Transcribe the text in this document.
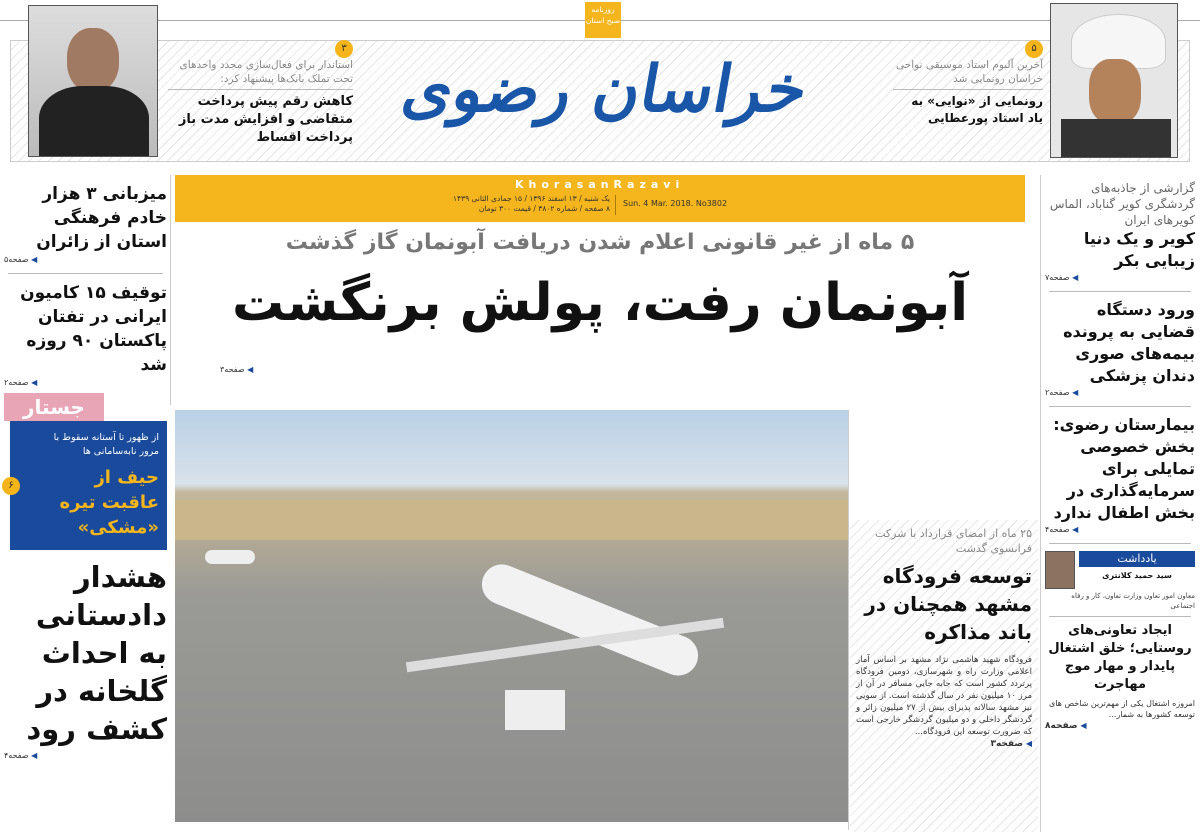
۳
استاندار برای فعال‌سازی مجدد واحدهای تحت تملک بانک‌ها پیشنهاد کرد:
کاهش رقم پیش پرداخت متقاضی و افزایش مدت باز پرداخت اقساط
خراسان رضوی
روزنامه صبح استان
۵
آخرین آلبوم استاد موسیقی نواحی خراسان رونمایی شد
رونمایی از «نوایی» به یاد استاد پورعطایی
KhorasanRazavi
Sun. 4 Mar. 2018. No3802
یک شنبه / ۱۳ اسفند ۱۳۹۶ / ۱۵ جمادی الثانی ۱۴۳۹
۸ صفحه / شماره ۳۸۰۲ / قیمت ۳۰۰ تومان
۵ ماه از غیر قانونی اعلام شدن دریافت آبونمان گاز گذشت
آبونمان رفت، پولش برنگشت
◀ صفحه۳
۲۵ ماه از امضای قرارداد با شرکت فرانسوی گذشت
توسعه فرودگاه مشهد همچنان در باند مذاکره
فرودگاه شهید هاشمی نژاد مشهد بر اساس آمار اعلامی وزارت راه و شهرسازی، دومین فرودگاه پرتردد کشور است که جابه جایی مسافر در آن از مرز ۱۰ میلیون نفر در سال گذشته است. از سویی نیز مشهد سالانه پذیرای بیش از ۲۷ میلیون زائر و گردشگر داخلی و دو میلیون گردشگر خارجی است که ضرورت توسعه این فرودگاه...
◀ صفحه۳
میزبانی ۳ هزار خادم فرهنگی استان از زائران
◀ صفحه۵
توقیف ۱۵ کامیون ایرانی در تفتان پاکستان ۹۰ روزه شد
◀ صفحه۲
جستار
از ظهور تا آستانه سقوط با مرور نابه‌سامانی ها
حیف از عاقبت تیره «مشکی»
۶
هشدار دادستانی به احداث گلخانه در کشف رود
◀ صفحه۴
گزارشی از جاذبه‌های گردشگری کویر گناباد، الماس کویرهای ایران
کویر و یک دنیا زیبایی بکر
◀ صفحه۷
ورود دستگاه قضایی به پرونده بیمه‌های صوری دندان پزشکی
◀ صفحه۲
بیمارستان رضوی: بخش خصوصی تمایلی برای سرمایه‌گذاری در بخش اطفال ندارد
◀ صفحه۴
یادداشت
سید حمید کلانتری
معاون امور تعاون وزارت تعاون، کار و رفاه اجتماعی
ایجاد تعاونی‌های روستایی؛ خلق اشتغال پایدار و مهار موج مهاجرت
امروزه اشتغال یکی از مهم‌ترین شاخص های توسعه کشورها به شمار...
◀ صفحه۸
